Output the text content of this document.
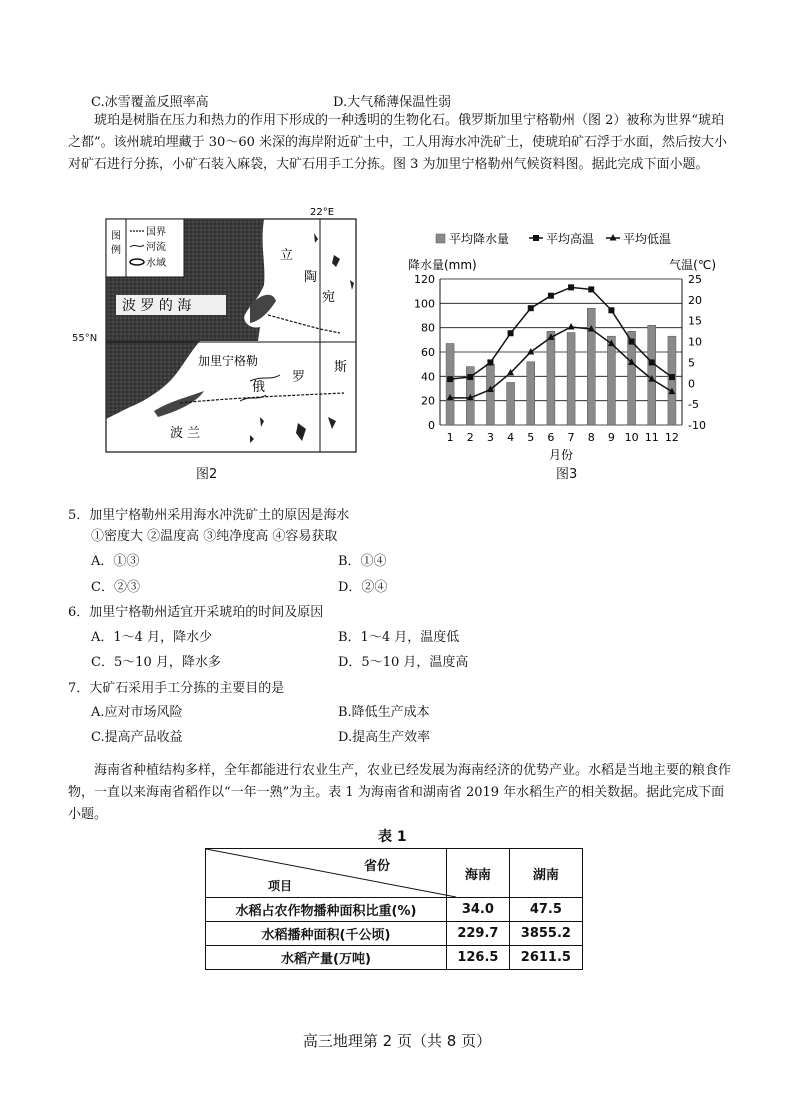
C.冰雪覆盖反照率高	D.大气稀薄保温性弱
琥珀是树脂在压力和热力的作用下形成的一种透明的生物化石。俄罗斯加里宁格勒州（图 2）被称为世界“琥珀之都”。该州琥珀埋藏于 30～60 米深的海岸附近矿土中，工人用海水冲洗矿土，使琥珀矿石浮于水面，然后按大小对矿石进行分拣，小矿石装入麻袋，大矿石用手工分拣。图 3 为加里宁格勒州气候资料图。据此完成下面小题。
图例
国界
河流
水域
22°E
波 罗 的 海
立
陶
宛
加里宁格勒
俄
罗
斯
波 兰
55°N
图2
0
20
40
60
80
100
120
-10
-5
0
5
10
15
20
25
1 2 3 4 5 6 7 8 9 10 11 12
降水量(mm)	气温(℃)
月份
平均降水量	平均高温 平均低温
图3
5．加里宁格勒州采用海水冲洗矿土的原因是海水
①密度大 ②温度高 ③纯净度高 ④容易获取
A．①③	B．①④
C．②③	D．②④
6．加里宁格勒州适宜开采琥珀的时间及原因
A．1～4 月，降水少	B．1～4 月，温度低
C．5～10 月，降水多	D．5～10 月，温度高
7．大矿石采用手工分拣的主要目的是
A.应对市场风险	B.降低生产成本
C.提高产品收益	D.提高生产效率
海南省种植结构多样，全年都能进行农业生产，农业已经发展为海南经济的优势产业。水稻是当地主要的粮食作物，一直以来海南省稻作以“一年一熟”为主。表 1 为海南省和湖南省 2019 年水稻生产的相关数据。据此完成下面小题。
表 1
省份
项目	海南	湖南
水稻占农作物播种面积比重(%)	34.0	47.5
水稻播种面积(千公顷)	229.7	3855.2
水稻产量(万吨)	126.5	2611.5
高三地理第 2 页（共 8 页）
